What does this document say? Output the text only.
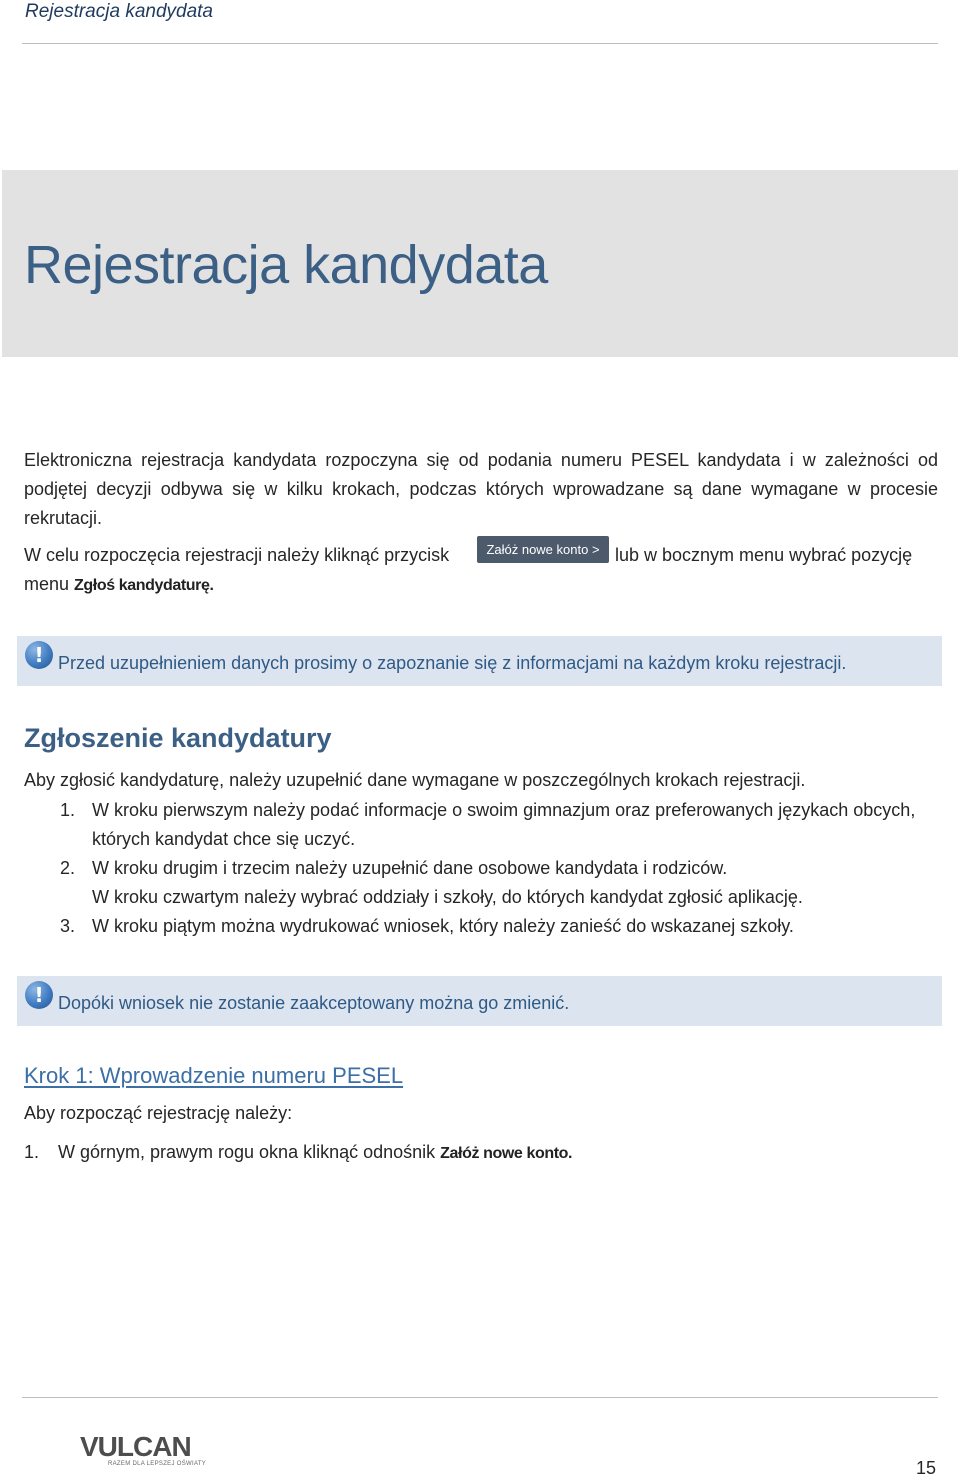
Rejestracja kandydata
Rejestracja kandydata

Elektroniczna rejestracja kandydata rozpoczyna się od podania numeru PESEL kandydata i w zależności od podjętej decyzji odbywa się w kilku krokach, podczas których wprowadzane są dane wymagane w procesie rekrutacji.

W celu rozpoczęcia rejestracji należy kliknąć przycisk	Załóż nowe konto > lub w bocznym menu wybrać pozycję

menu Zgłoś kandydaturę.

! Przed uzupełnieniem danych prosimy o zapoznanie się z informacjami na każdym kroku rejestracji.
Zgłoszenie kandydatury

Aby zgłosić kandydaturę, należy uzupełnić dane wymagane w poszczególnych krokach rejestracji.

1. W kroku pierwszym należy podać informacje o swoim gimnazjum oraz preferowanych językach obcych, których kandydat chce się uczyć.
2. W kroku drugim i trzecim należy uzupełnić dane osobowe kandydata i rodziców.
W kroku czwartym należy wybrać oddziały i szkoły, do których kandydat zgłosić aplikację.
3. W kroku piątym można wydrukować wniosek, który należy zanieść do wskazanej szkoły.
! Dopóki wniosek nie zostanie zaakceptowany można go zmienić.
Krok 1: Wprowadzenie numeru PESEL

Aby rozpocząć rejestrację należy:

1. W górnym, prawym rogu okna kliknąć odnośnik Załóż nowe konto.

VULCAN
RAZEM DLA LEPSZEJ OŚWIATY	15
